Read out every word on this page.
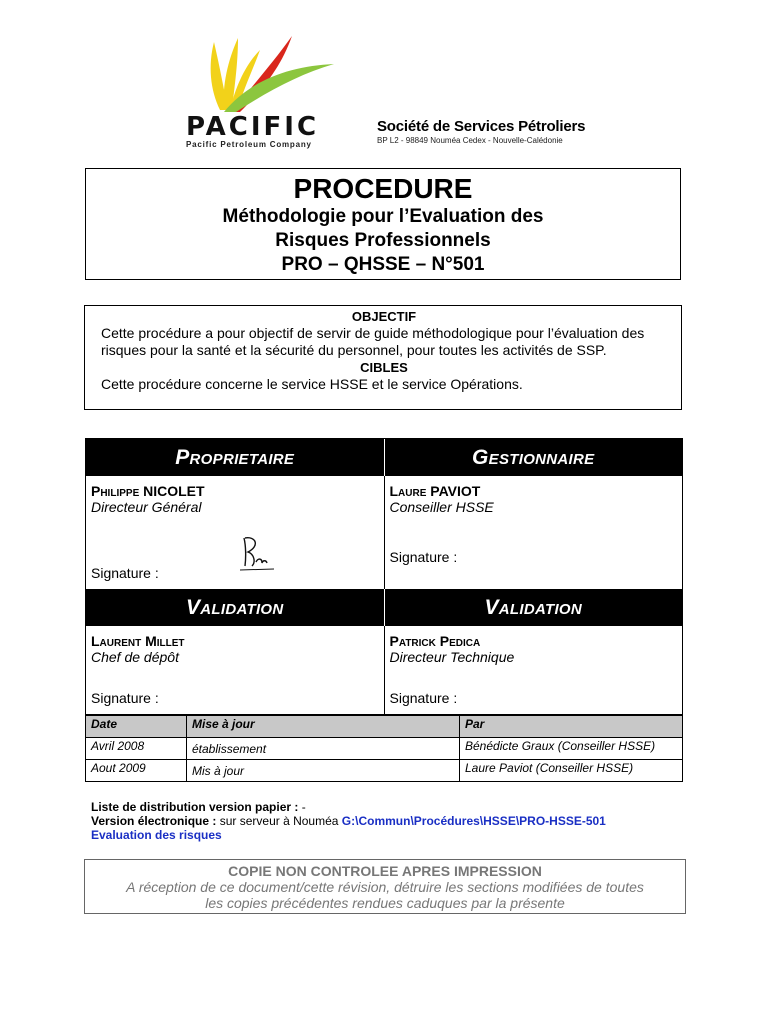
PACIFIC
Pacific Petroleum Company
Société de Services Pétroliers
BP L2 - 98849 Nouméa Cedex - Nouvelle-Calédonie
PROCEDURE
Méthodologie pour l’Evaluation des
Risques Professionnels
PRO – QHSSE – N°501
OBJECTIF
Cette procédure a pour objectif de servir de guide méthodologique pour l’évaluation des risques pour la santé et la sécurité du personnel, pour toutes les activités de SSP.
CIBLES
Cette procédure concerne le service HSSE et le service Opérations.
Proprietaire	Gestionnaire
Philippe NICOLET
Directeur Général
Signature :
Laure PAVIOT
Conseiller HSSE
Signature :
Validation	Validation
Laurent Millet
Chef de dépôt
Signature :
Patrick Pedica
Directeur Technique
Signature :
Date	Mise à jour	Par
Avril 2008	établissement	Bénédicte Graux (Conseiller HSSE)
Aout 2009	Mis à jour	Laure Paviot (Conseiller HSSE)
Liste de distribution version papier : -
Version électronique : sur serveur à Nouméa G:\Commun\Procédures\HSSE\PRO-HSSE-501
Evaluation des risques
COPIE NON CONTROLEE APRES IMPRESSION
A réception de ce document/cette révision, détruire les sections modifiées de toutes
les copies précédentes rendues caduques par la présente
